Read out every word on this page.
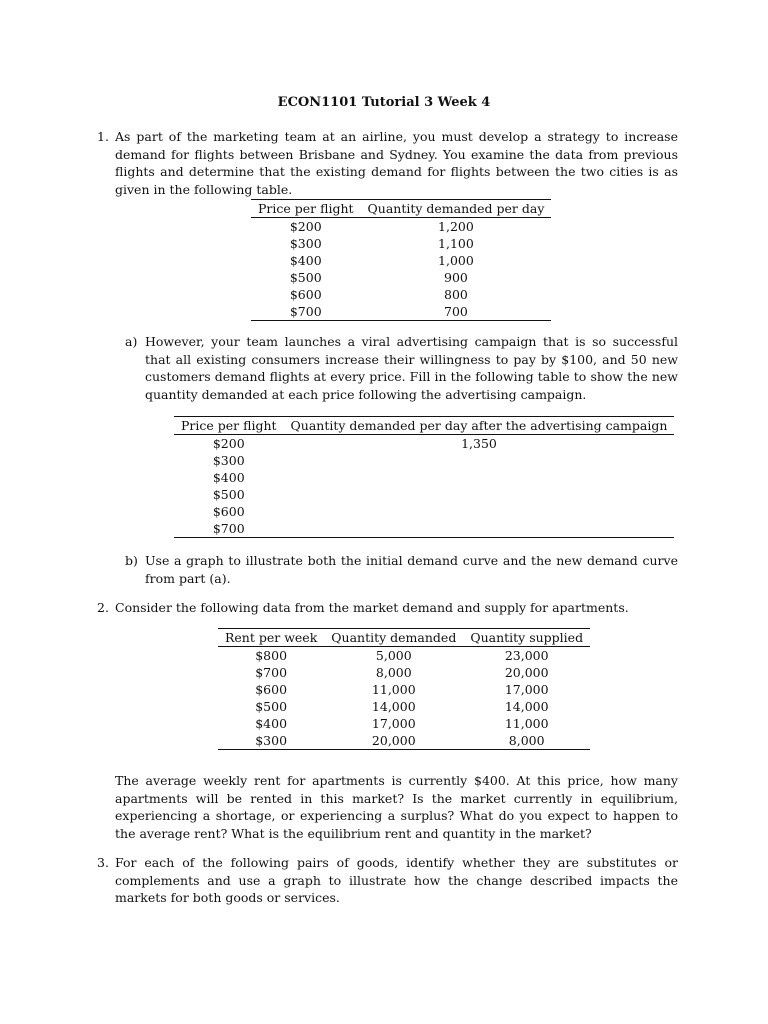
ECON1101 Tutorial 3 Week 4
1. As part of the marketing team at an airline, you must develop a strategy to increase demand for flights between Brisbane and Sydney. You examine the data from previous flights and determine that the existing demand for flights between the two cities is as given in the following table.
Price per flight	Quantity demanded per day
$200	1,200
$300	1,100
$400	1,000
$500	900
$600	800
$700	700
a) However, your team launches a viral advertising campaign that is so successful that all existing consumers increase their willingness to pay by $100, and 50 new customers demand flights at every price. Fill in the following table to show the new quantity demanded at each price following the advertising campaign.
Price per flight	Quantity demanded per day after the advertising campaign
$200	1,350
$300	
$400	
$500	
$600	
$700	
b) Use a graph to illustrate both the initial demand curve and the new demand curve from part (a).
2. Consider the following data from the market demand and supply for apartments.
Rent per week	Quantity demanded	Quantity supplied
$800	5,000	23,000
$700	8,000	20,000
$600	11,000	17,000
$500	14,000	14,000
$400	17,000	11,000
$300	20,000	8,000
The average weekly rent for apartments is currently $400. At this price, how many apartments will be rented in this market? Is the market currently in equilibrium, experiencing a shortage, or experiencing a surplus? What do you expect to happen to the average rent? What is the equilibrium rent and quantity in the market?
3. For each of the following pairs of goods, identify whether they are substitutes or complements and use a graph to illustrate how the change described impacts the markets for both goods or services.
